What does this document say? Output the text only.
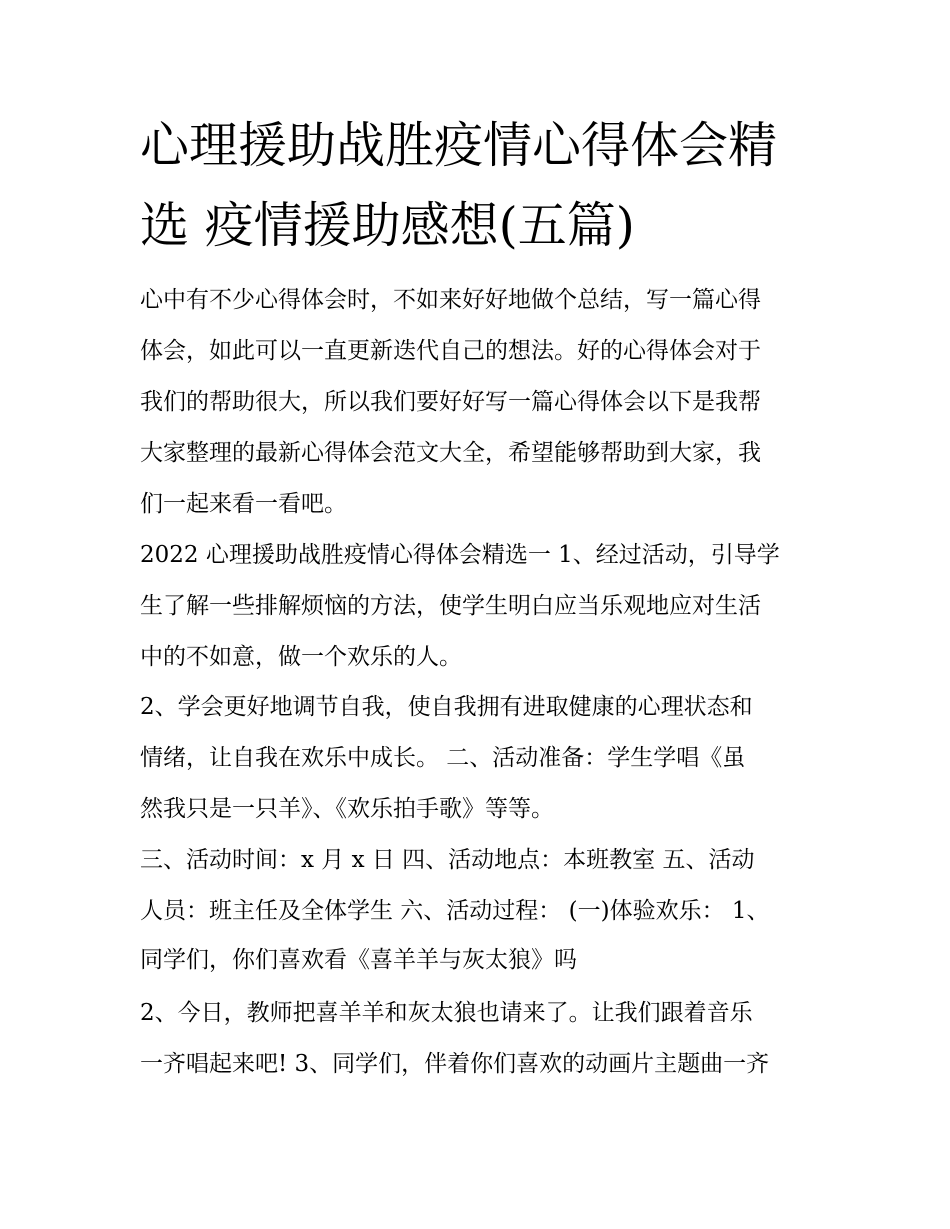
心理援助战胜疫情心得体会精
选 疫情援助感想(五篇)

心中有不少心得体会时，不如来好好地做个总结，写一篇心得

体会，如此可以一直更新迭代自己的想法。好的心得体会对于

我们的帮助很大，所以我们要好好写一篇心得体会以下是我帮

大家整理的最新心得体会范文大全，希望能够帮助到大家，我

们一起来看一看吧。

2022 心理援助战胜疫情心得体会精选一 1、经过活动，引导学

生了解一些排解烦恼的方法，使学生明白应当乐观地应对生活

中的不如意，做一个欢乐的人。

2、学会更好地调节自我，使自我拥有进取健康的心理状态和

情绪，让自我在欢乐中成长。 二、活动准备：学生学唱《虽

然我只是一只羊》、《欢乐拍手歌》等等。

三、活动时间：x 月 x 日 四、活动地点：本班教室 五、活动

人员：班主任及全体学生 六、活动过程： (一)体验欢乐： 1、

同学们，你们喜欢看《喜羊羊与灰太狼》吗

2、今日，教师把喜羊羊和灰太狼也请来了。让我们跟着音乐

一齐唱起来吧! 3、同学们，伴着你们喜欢的动画片主题曲一齐
